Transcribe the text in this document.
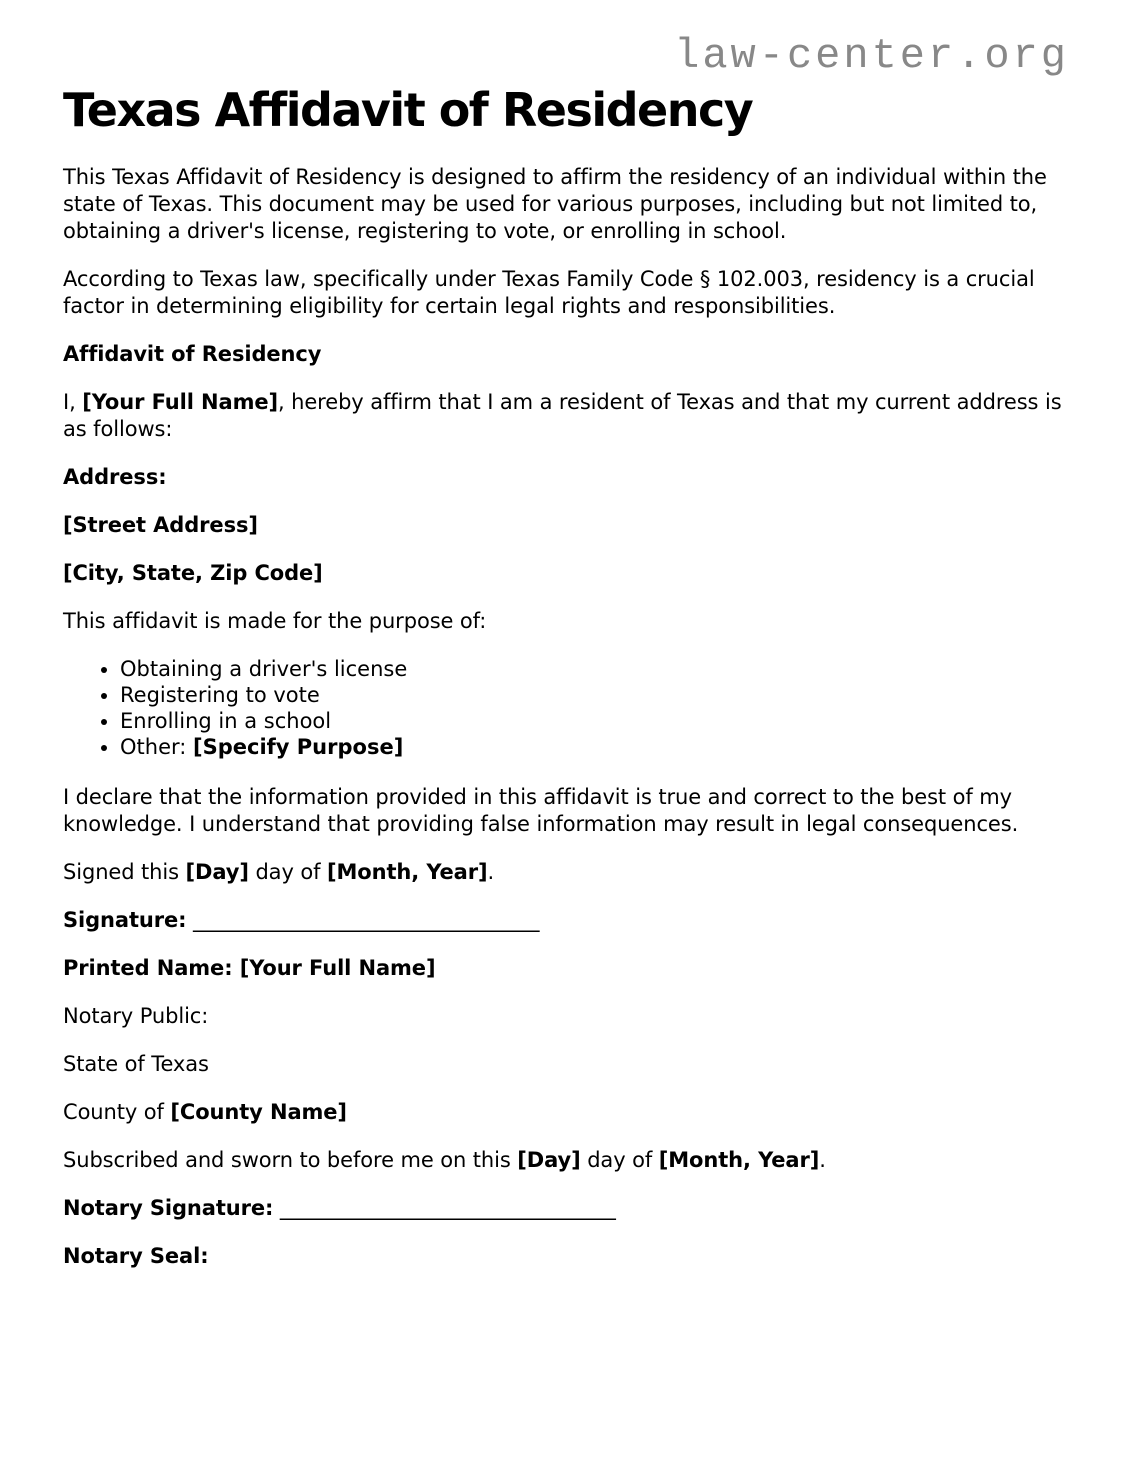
law-center.org
Texas Affidavit of Residency

This Texas Affidavit of Residency is designed to affirm the residency of an individual within the state of Texas. This document may be used for various purposes, including but not limited to, obtaining a driver's license, registering to vote, or enrolling in school.

According to Texas law, specifically under Texas Family Code § 102.003, residency is a crucial factor in determining eligibility for certain legal rights and responsibilities.

Affidavit of Residency

I, [Your Full Name], hereby affirm that I am a resident of Texas and that my current address is as follows:

Address:

[Street Address]

[City, State, Zip Code]

This affidavit is made for the purpose of:

• Obtaining a driver's license
• Registering to vote
• Enrolling in a school
• Other: [Specify Purpose]

I declare that the information provided in this affidavit is true and correct to the best of my knowledge. I understand that providing false information may result in legal consequences.

Signed this [Day] day of [Month, Year].

Signature: _________________________________

Printed Name: [Your Full Name]

Notary Public:

State of Texas

County of [County Name]

Subscribed and sworn to before me on this [Day] day of [Month, Year].

Notary Signature: ________________________________

Notary Seal:
